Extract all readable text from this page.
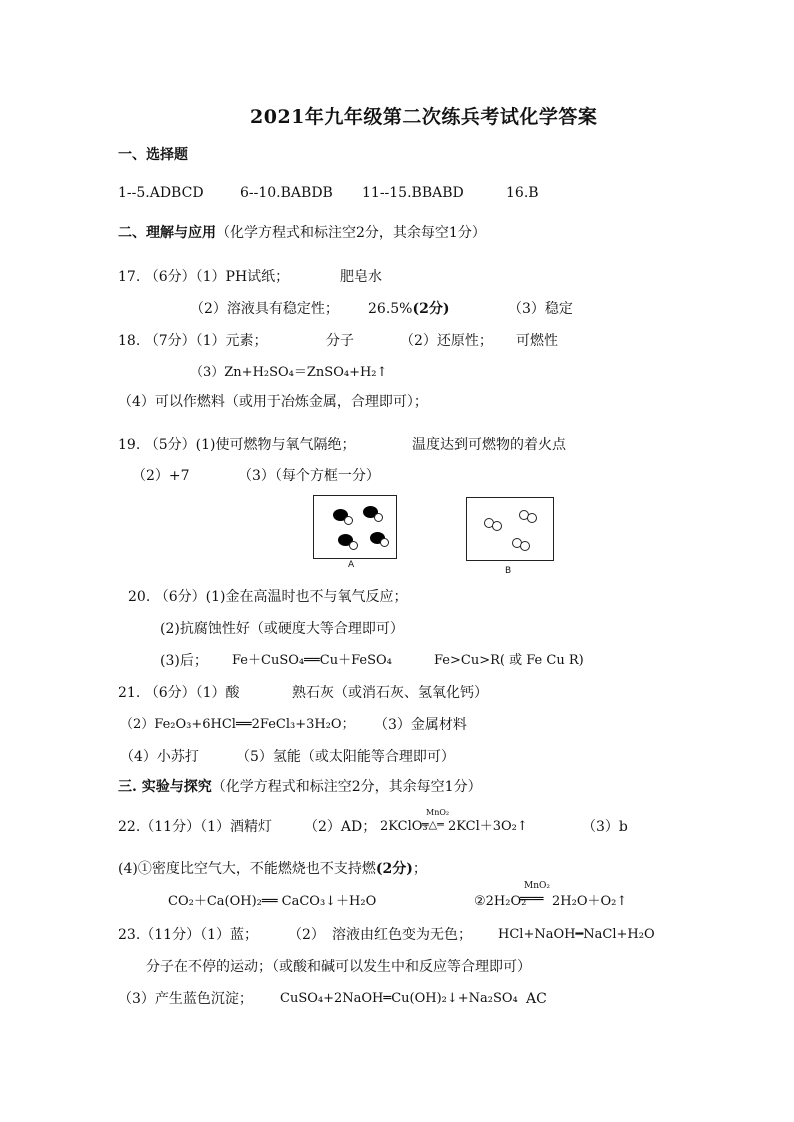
2021年九年级第二次练兵考试化学答案
一、选择题
1--5.ADBCD	6--10.BABDB 11--15.BBABD	16.B
二、理解与应用（化学方程式和标注空2分，其余每空1分）
17. （6分）（1）PH试纸；	肥皂水
（2）溶液具有稳定性； 26.5%(2分)	（3）稳定
18. （7分）（1）元素；	分子	（2）还原性； 可燃性
（3）Zn+H₂SO₄＝ZnSO₄+H₂↑
（4）可以作燃料（或用于冶炼金属，合理即可）；
19. （5分）(1)使可燃物与氧气隔绝；	温度达到可燃物的着火点
（2）+7	（3）（每个方框一分）
A
B
20. （6分）(1)金在高温时也不与氧气反应；
(2)抗腐蚀性好（或硬度大等合理即可）
(3)后； Fe＋CuSO₄══Cu＋FeSO₄	Fe>Cu>R( 或 Fe Cu R)
21. （6分）（1）酸	熟石灰（或消石灰、氢氧化钙）
（2）Fe₂O₃+6HCl══2FeCl₃+3H₂O； （3）金属材料
（4）小苏打	（5）氢能（或太阳能等合理即可）
三. 实验与探究（化学方程式和标注空2分，其余每空1分）
22.（11分）（1）酒精灯 （2）AD； 2KClO₃
MnO₂
═△═ 2KCl＋3O₂↑	（3）b
(4)①密度比空气大，不能燃烧也不支持燃(2分)；
CO₂＋Ca(OH)₂══ CaCO₃↓＋H₂O	②2H₂O₂
MnO₂
═══ 2H₂O＋O₂↑
23.（11分）（1）蓝； （2） 溶液由红色变为无色； HCl+NaOH━NaCl+H₂O
分子在不停的运动；（或酸和碱可以发生中和反应等合理即可）
（3）产生蓝色沉淀； CuSO₄+2NaOH═Cu(OH)₂↓+Na₂SO₄ AC
